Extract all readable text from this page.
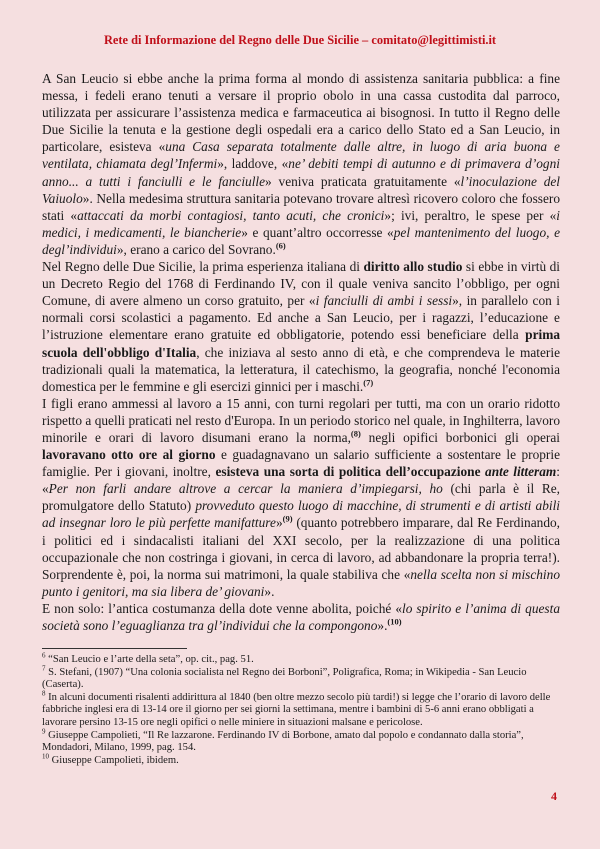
Rete di Informazione del Regno delle Due Sicilie – comitato@legittimisti.it

A San Leucio si ebbe anche la prima forma al mondo di assistenza sanitaria pubblica: a fine messa, i fedeli erano tenuti a versare il proprio obolo in una cassa custodita dal parroco, utilizzata per assicurare l’assistenza medica e farmaceutica ai bisognosi. In tutto il Regno delle Due Sicilie la tenuta e la gestione degli ospedali era a carico dello Stato ed a San Leucio, in particolare, esisteva «una Casa separata totalmente dalle altre, in luogo di aria buona e ventilata, chiamata degl’Infermi», laddove, «ne’ debiti tempi di autunno e di primavera d’ogni anno... a tutti i fanciulli e le fanciulle» veniva praticata gratuitamente «l’inoculazione del Vaiuolo». Nella medesima struttura sanitaria potevano trovare altresì ricovero coloro che fossero stati «attaccati da morbi contagiosi, tanto acuti, che cronici»; ivi, peraltro, le spese per «i medici, i medicamenti, le biancherie» e quant’altro occorresse «pel mantenimento del luogo, e degl’individui», erano a carico del Sovrano.$^{(6)}$

Nel Regno delle Due Sicilie, la prima esperienza italiana di diritto allo studio si ebbe in virtù di un Decreto Regio del 1768 di Ferdinando IV, con il quale veniva sancito l’obbligo, per ogni Comune, di avere almeno un corso gratuito, per «i fanciulli di ambi i sessi», in parallelo con i normali corsi scolastici a pagamento. Ed anche a San Leucio, per i ragazzi, l’educazione e l’istruzione elementare erano gratuite ed obbligatorie, potendo essi beneficiare della prima scuola dell'obbligo d'Italia, che iniziava al sesto anno di età, e che comprendeva le materie tradizionali quali la matematica, la letteratura, il catechismo, la geografia, nonché l'economia domestica per le femmine e gli esercizi ginnici per i maschi.$^{(7)}$

I figli erano ammessi al lavoro a 15 anni, con turni regolari per tutti, ma con un orario ridotto rispetto a quelli praticati nel resto d'Europa. In un periodo storico nel quale, in Inghilterra, lavoro minorile e orari di lavoro disumani erano la norma,$^{(8)}$ negli opifici borbonici gli operai lavoravano otto ore al giorno e guadagnavano un salario sufficiente a sostentare le proprie famiglie. Per i giovani, inoltre, esisteva una sorta di politica dell’occupazione ante litteram: «Per non farli andare altrove a cercar la maniera d’impiegarsi, ho (chi parla è il Re, promulgatore dello Statuto) provveduto questo luogo di macchine, di strumenti e di artisti abili ad insegnar loro le più perfette manifatture»$^{(9)}$ (quanto potrebbero imparare, dal Re Ferdinando, i politici ed i sindacalisti italiani del XXI secolo, per la realizzazione di una politica occupazionale che non costringa i giovani, in cerca di lavoro, ad abbandonare la propria terra!). Sorprendente è, poi, la norma sui matrimoni, la quale stabiliva che «nella scelta non si mischino punto i genitori, ma sia libera de’ giovani».

E non solo: l’antica costumanza della dote venne abolita, poiché «lo spirito e l’anima di questa società sono l’eguaglianza tra gl’individui che la compongono».$^{(10)}$

$^6$ “San Leucio e l’arte della seta”, op. cit., pag. 51.
$^7$ S. Stefani, (1907) “Una colonia socialista nel Regno dei Borboni”, Poligrafica, Roma; in Wikipedia - San Leucio (Caserta).
$^8$ In alcuni documenti risalenti addirittura al 1840 (ben oltre mezzo secolo più tardi!) si legge che l’orario di lavoro delle fabbriche inglesi era di 13-14 ore il giorno per sei giorni la settimana, mentre i bambini di 5-6 anni erano obbligati a lavorare persino 13-15 ore negli opifici o nelle miniere in situazioni malsane e pericolose.
$^9$ Giuseppe Campolieti, “Il Re lazzarone. Ferdinando IV di Borbone, amato dal popolo e condannato dalla storia”, Mondadori, Milano, 1999, pag. 154.
$^{10}$ Giuseppe Campolieti, ibidem.
4
